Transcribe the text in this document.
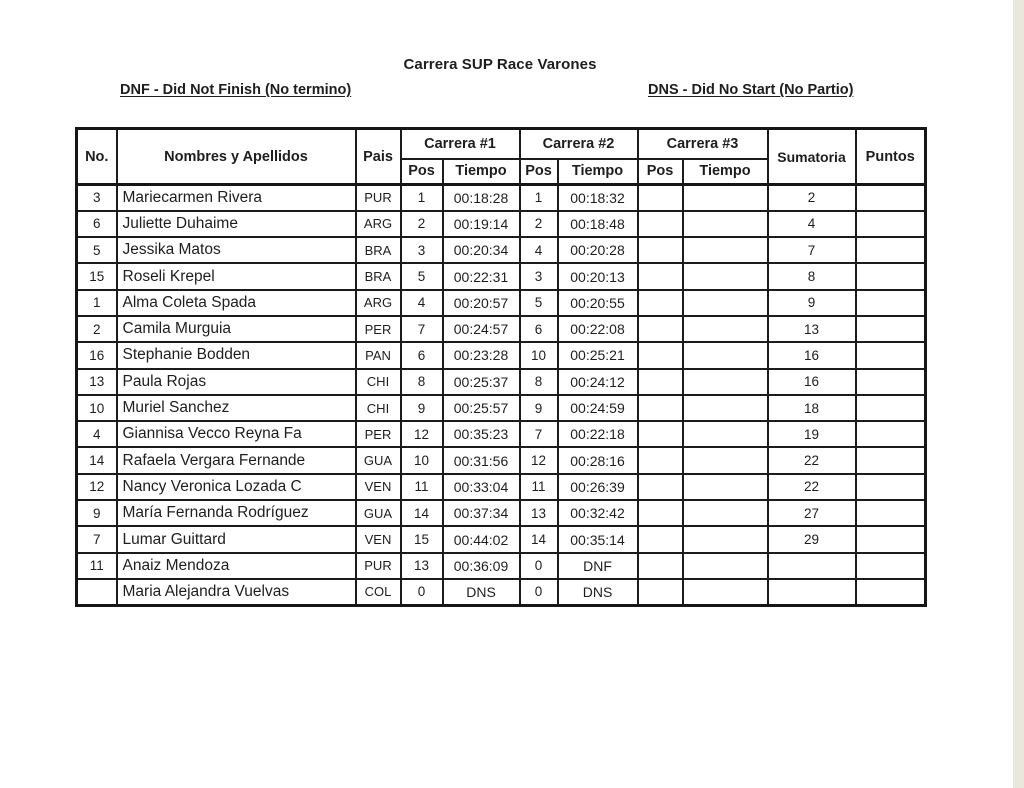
Carrera SUP Race Varones
DNF - Did Not Finish (No termino)	DNS - Did No Start (No Partio)
No.	Nombres y Apellidos	Pais	Carrera #1		Carrera #2		Carrera #3		Sumatoria	Puntos
			Pos	Tiempo	Pos	Tiempo	Pos	Tiempo		
3	Mariecarmen Rivera	PUR	1	00:18:28	1	00:18:32			2	
6	Juliette Duhaime	ARG	2	00:19:14	2	00:18:48			4	
5	Jessika Matos	BRA	3	00:20:34	4	00:20:28			7	
15	Roseli Krepel	BRA	5	00:22:31	3	00:20:13			8	
1	Alma Coleta Spada	ARG	4	00:20:57	5	00:20:55			9	
2	Camila Murguia	PER	7	00:24:57	6	00:22:08			13	
16	Stephanie Bodden	PAN	6	00:23:28	10	00:25:21			16	
13	Paula Rojas	CHI	8	00:25:37	8	00:24:12			16	
10	Muriel Sanchez	CHI	9	00:25:57	9	00:24:59			18	
4	Giannisa Vecco Reyna Fa	PER	12	00:35:23	7	00:22:18			19	
14	Rafaela Vergara Fernande	GUA	10	00:31:56	12	00:28:16			22	
12	Nancy Veronica Lozada C	VEN	11	00:33:04	11	00:26:39			22	
9	María Fernanda Rodríguez	GUA	14	00:37:34	13	00:32:42			27	
7	Lumar Guittard	VEN	15	00:44:02	14	00:35:14			29	
11	Anaiz Mendoza	PUR	13	00:36:09	0	DNF				
	Maria Alejandra Vuelvas	COL	0	DNS	0	DNS				
